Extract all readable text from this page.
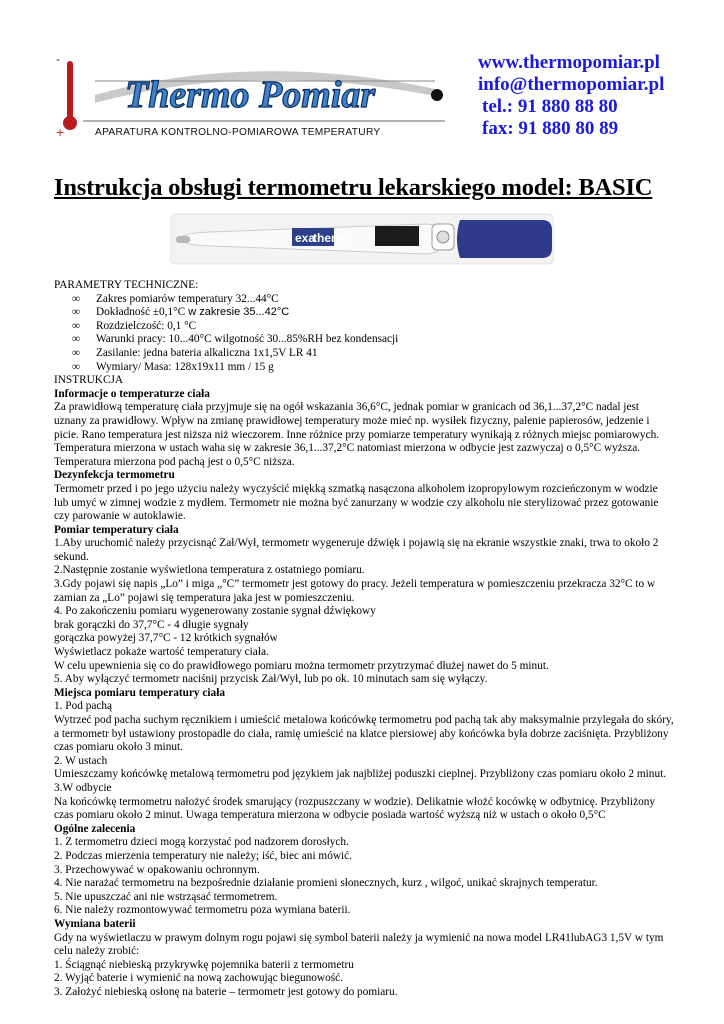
-
+
Thermo Pomiar
APARATURA KONTROLNO-POMIAROWA TEMPERATURY
www.thermopomiar.pl
info@thermopomiar.pl
tel.: 91 880 88 80
fax: 91 880 80 89
Instrukcja obsługi termometru lekarskiego model: BASIC
exa
therm

PARAMETRY TECHNICZNE:

∞ Zakres pomiarów temperatury 32...44°C

∞ Dokładność ±0,1°C w zakresie 35...42°C

∞ Rozdzielczość: 0,1 °C

∞ Warunki pracy: 10...40°C wilgotność 30...85%RH bez kondensacji

∞ Zasilanie: jedna bateria alkaliczna 1x1,5V LR 41

∞ Wymiary/ Masa: 128x19x11 mm / 15 g

INSTRUKCJA

Informacje o temperaturze ciała

Za prawidłową temperaturę ciała przyjmuje się na ogół wskazania 36,6°C, jednak pomiar w granicach od 36,1...37,2°C nadal jest uznany za prawidłowy. Wpływ na zmianę prawidłowej temperatury może mieć np. wysiłek fizyczny, palenie papierosów, jedzenie i picie. Rano temperatura jest niższa niż wieczorem. Inne różnice przy pomiarze temperatury wynikają z różnych miejsc pomiarowych. Temperatura mierzona w ustach waha się w zakresie 36,1...37,2°C natomiast mierzona w odbycie jest zazwyczaj o 0,5°C wyższa. Temperatura mierzona pod pachą jest o 0,5°C niższa.

Dezynfekcja termometru

Termometr przed i po jego użyciu należy wyczyścić miękką szmatką nasączona alkoholem izopropylowym rozcieńczonym w wodzie lub umyć w zimnej wodzie z mydłem. Termometr nie można być zanurzany w wodzie czy alkoholu nie sterylizować przez gotowanie czy parowanie w autoklawie.

Pomiar temperatury ciała

1.Aby uruchomić należy przycisnąć Zał/Wył, termometr wygeneruje dźwięk i pojawią się na ekranie wszystkie znaki, trwa to około 2 sekund.

2.Następnie zostanie wyświetlona temperatura z ostatniego pomiaru.

3.Gdy pojawi się napis „Lo” i miga „°C” termometr jest gotowy do pracy. Jeżeli temperatura w pomieszczeniu przekracza 32°C to w zamian za „Lo” pojawi się temperatura jaka jest w pomieszczeniu.

4. Po zakończeniu pomiaru wygenerowany zostanie sygnał dźwiękowy

brak gorączki do 37,7°C - 4 długie sygnały

gorączka powyżej 37,7°C - 12 krótkich sygnałów

Wyświetlacz pokaże wartość temperatury ciała.

W celu upewnienia się co do prawidłowego pomiaru można termometr przytrzymać dłużej nawet do 5 minut.

5. Aby wyłączyć termometr naciśnij przycisk Zał/Wył, lub po ok. 10 minutach sam się wyłączy.

Miejsca pomiaru temperatury ciała

1. Pod pachą

Wytrzeć pod pacha suchym ręcznikiem i umieścić metalowa końcówkę termometru pod pachą tak aby maksymalnie przylegała do skóry, a termometr był ustawiony prostopadle do ciała, ramię umieścić na klatce piersiowej aby końcówka była dobrze zaciśnięta. Przybliżony czas pomiaru około 3 minut.

2. W ustach

Umieszczamy końcówkę metalową termometru pod językiem jak najbliżej poduszki cieplnej. Przybliżony czas pomiaru około 2 minut.

3.W odbycie

Na końcówkę termometru nałożyć środek smarujący (rozpuszczany w wodzie). Delikatnie włożć kocówkę w odbytnicę. Przybliżony czas pomiaru około 2 minut. Uwaga temperatura mierzona w odbycie posiada wartość wyższą niż w ustach o około 0,5°C

Ogólne zalecenia

1. Z termometru dzieci mogą korzystać pod nadzorem dorosłych.

2. Podczas mierzenia temperatury nie należy; iść, biec ani mówić.

3. Przechowywać w opakowaniu ochronnym.

4. Nie narażać termometru na bezpośrednie działanie promieni słonecznych, kurz , wilgoć, unikać skrajnych temperatur.

5. Nie upuszczać ani nie wstrząsać termometrem.

6. Nie należy rozmontowywać termometru poza wymiana baterii.

Wymiana baterii

Gdy na wyświetlaczu w prawym dolnym rogu pojawi się symbol baterii należy ja wymienić na nowa model LR41lubAG3 1,5V w tym celu należy zrobić:

1. Ściągnąć niebieską przykrywkę pojemnika baterii z termometru

2. Wyjąć baterie i wymienić na nową zachowując biegunowość.

3. Założyć niebieską osłonę na baterie – termometr jest gotowy do pomiaru.
